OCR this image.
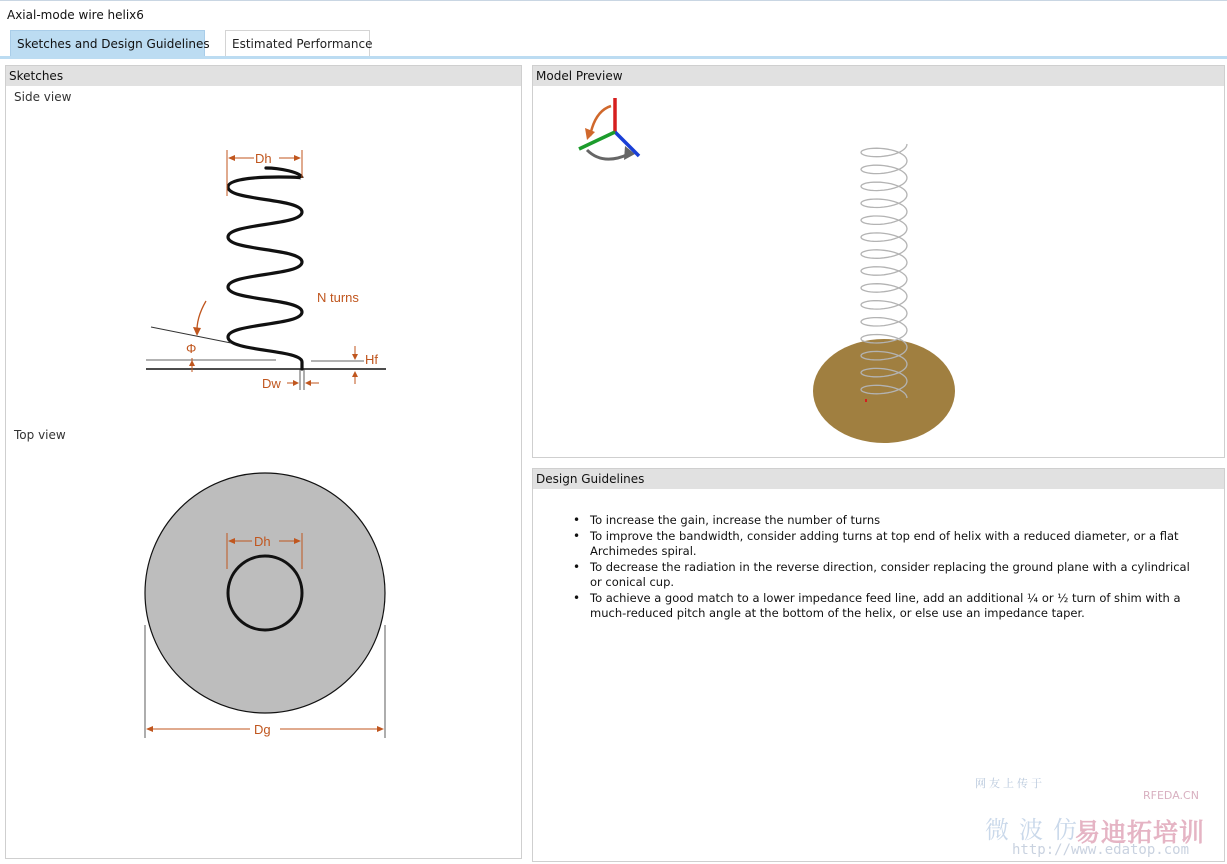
Axial-mode wire helix6
Sketches and Design Guidelines	Estimated Performance
Sketches
Side view
Dh
N turns
Φ
Hf
Dw
Top view
Dh
Dg
Model Preview
Design Guidelines
• To increase the gain, increase the number of turns
• To improve the bandwidth, consider adding turns at top end of helix with a reduced diameter, or a flat Archimedes spiral.
• To decrease the radiation in the reverse direction, consider replacing the ground plane with a cylindrical or conical cup.
• To achieve a good match to a lower impedance feed line, add an additional ¼ or ½ turn of shim with a much-reduced pitch angle at the bottom of the helix, or else use an impedance taper.
网友上传于
RFEDA.CN
微波仿
易迪拓培训
http://www.edatop.com
